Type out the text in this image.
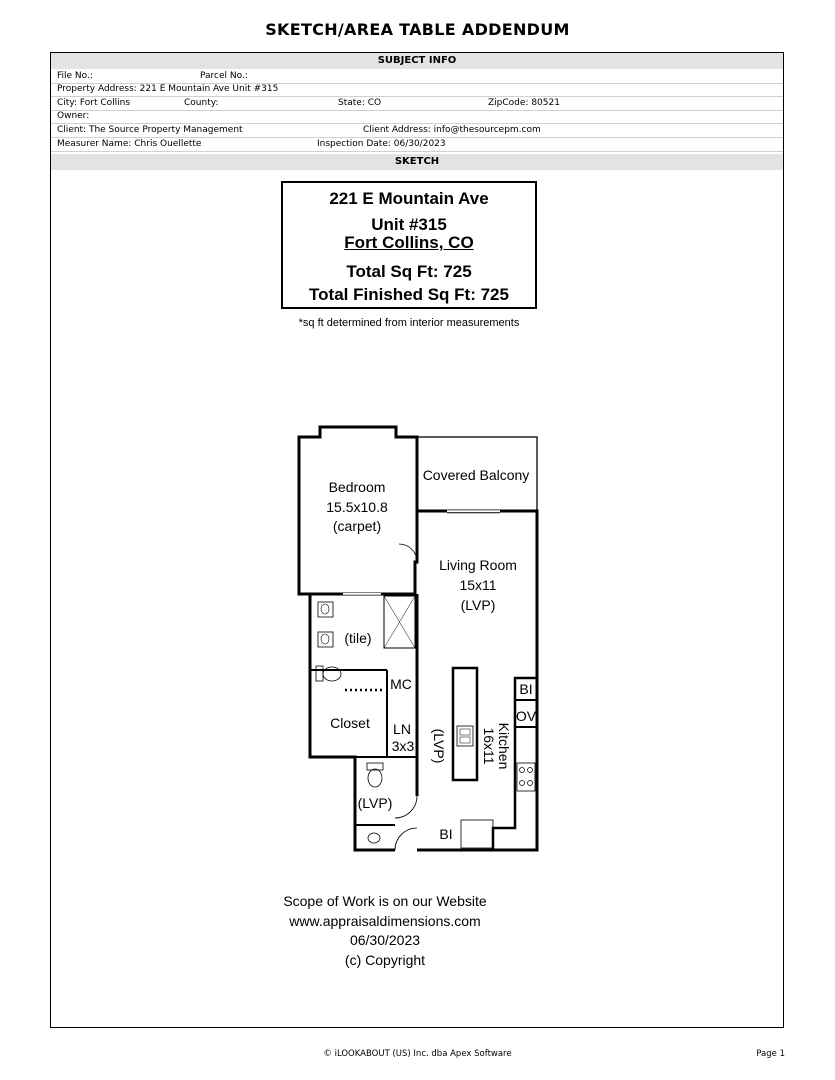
SKETCH/AREA TABLE ADDENDUM
SUBJECT INFO
File No.:	Parcel No.:
Property Address: 221 E Mountain Ave Unit #315
City: Fort Collins	County:	State: CO	ZipCode: 80521
Owner:
Client: The Source Property Management	Client Address: info@thesourcepm.com
Measurer Name: Chris Ouellette	Inspection Date: 06/30/2023
SKETCH
221 E Mountain Ave
Unit #315
Fort Collins, CO
Total Sq Ft: 725
Total Finished Sq Ft: 725
*sq ft determined from interior measurements
Bedroom
15.5x10.8
(carpet)
Covered Balcony
Living Room
15x11
(LVP)
(tile)
MC
Closet LN
3x3
BI
OV
(LVP)
BI
Kitchen
16x11
(LVP)
Scope of Work is on our Website
www.appraisaldimensions.com
06/30/2023
(c) Copyright
© iLOOKABOUT (US) Inc. dba Apex Software	Page 1
